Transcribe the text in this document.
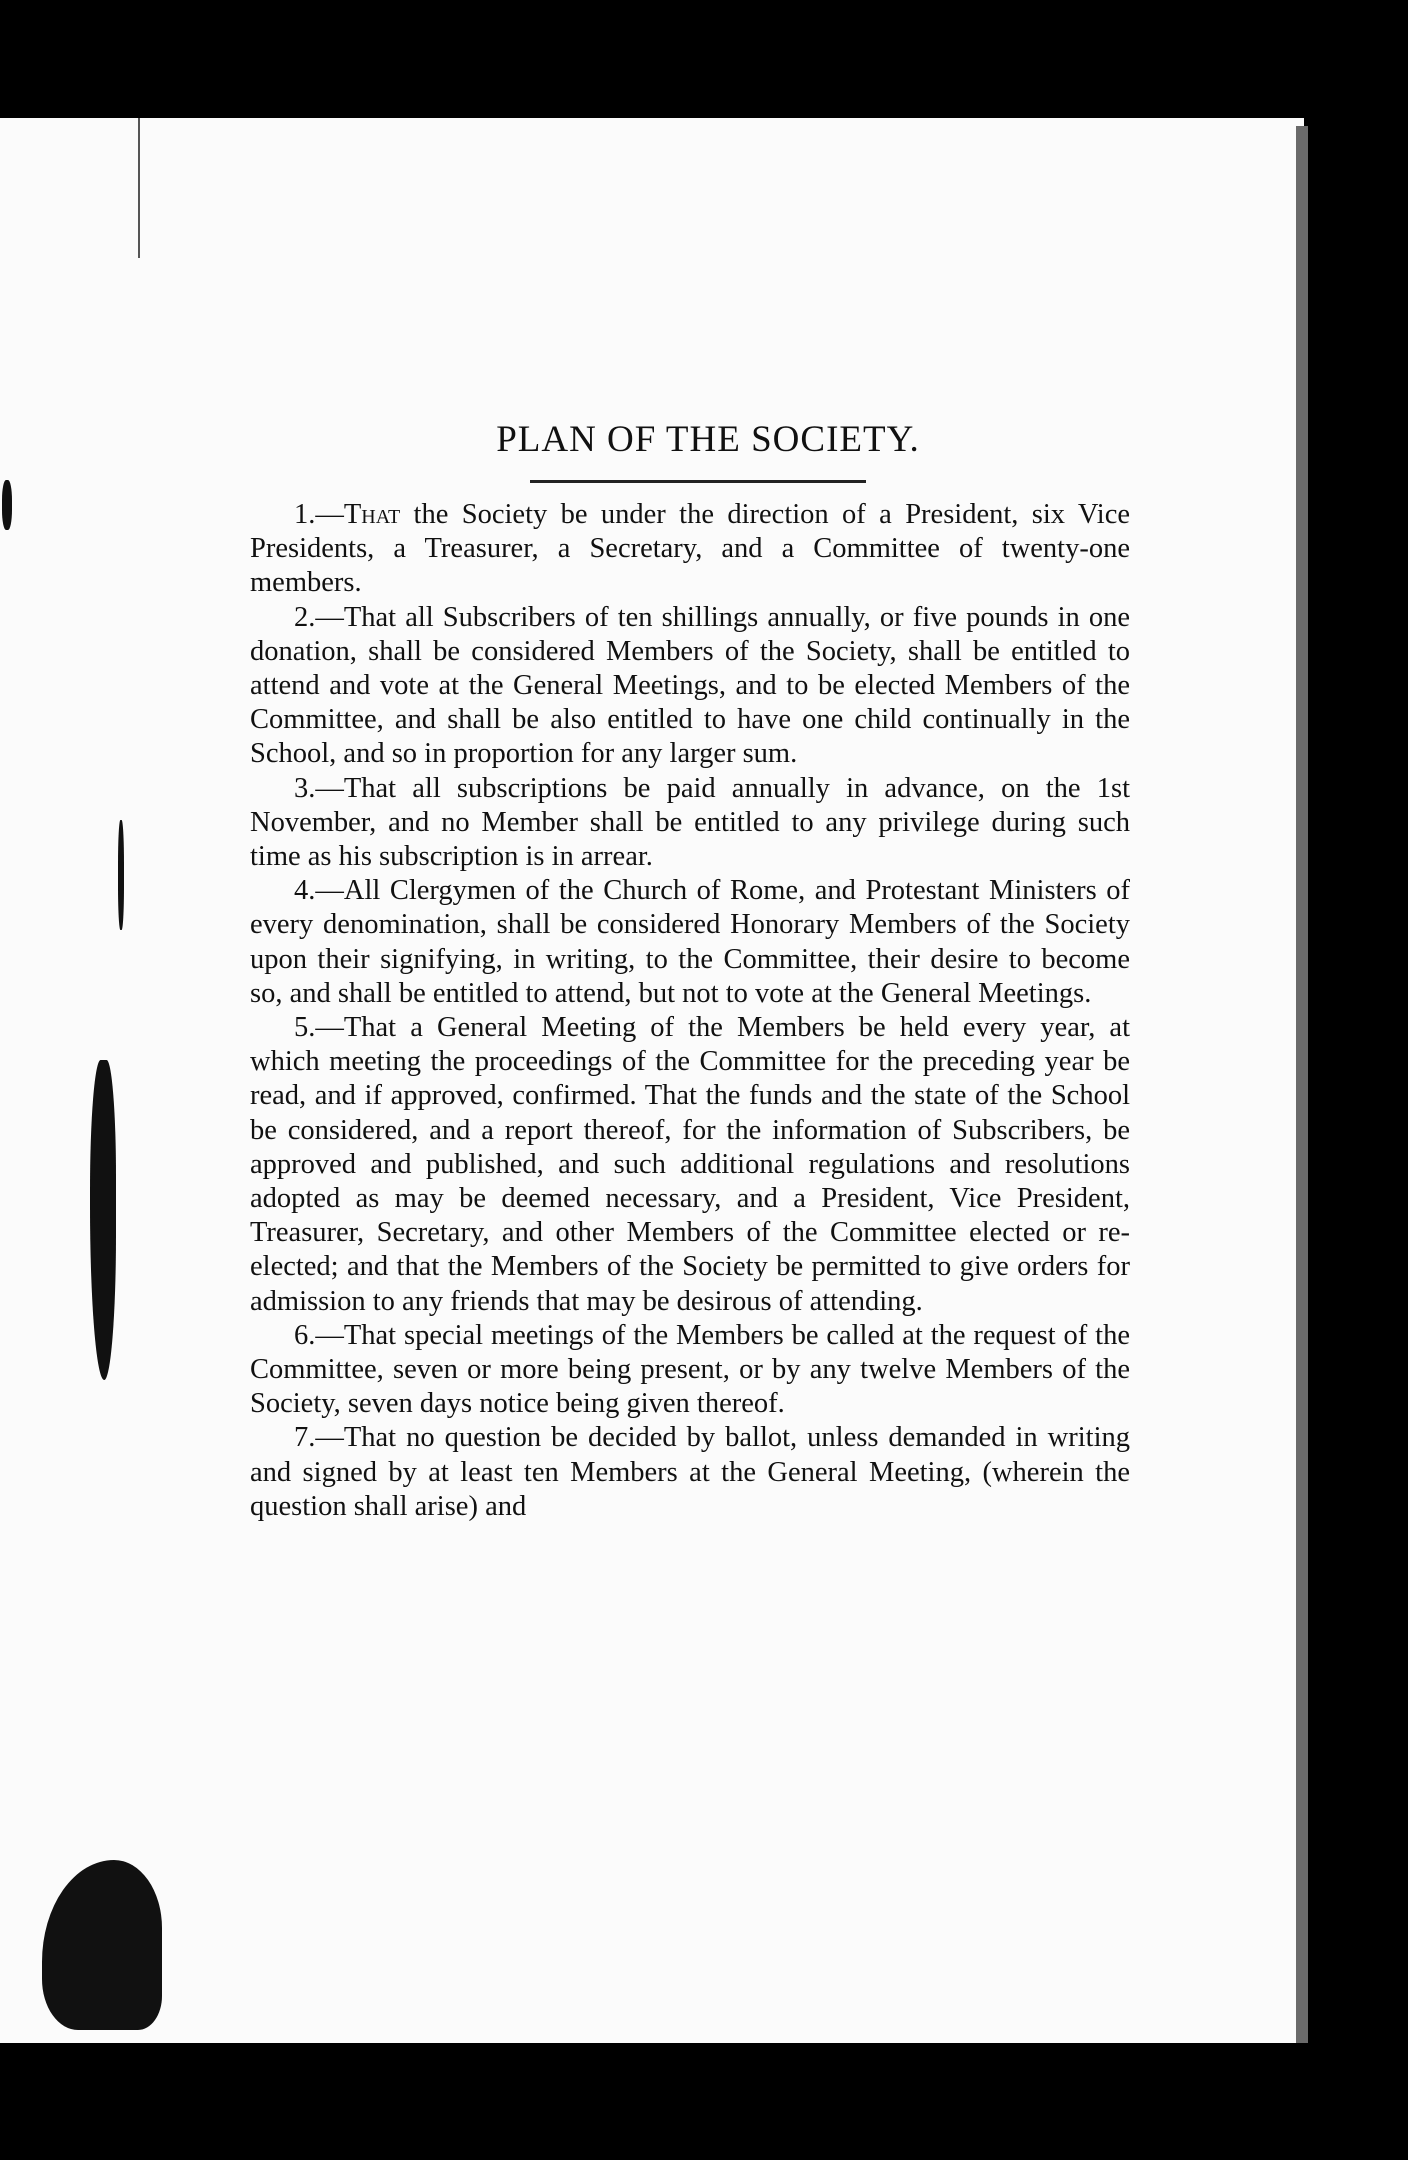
PLAN OF THE SOCIETY.

1.—That the Society be under the direction of a President, six Vice Presidents, a Treasurer, a Secretary, and a Committee of twenty-one members.

2.—That all Subscribers of ten shillings annually, or five pounds in one donation, shall be considered Members of the Society, shall be entitled to attend and vote at the General Meetings, and to be elected Members of the Committee, and shall be also entitled to have one child continually in the School, and so in proportion for any larger sum.

3.—That all subscriptions be paid annually in advance, on the 1st November, and no Member shall be entitled to any privilege during such time as his subscription is in arrear.

4.—All Clergymen of the Church of Rome, and Protestant Ministers of every denomination, shall be considered Honorary Members of the Society upon their signifying, in writing, to the Committee, their desire to become so, and shall be entitled to attend, but not to vote at the General Meetings.

5.—That a General Meeting of the Members be held every year, at which meeting the proceedings of the Committee for the preceding year be read, and if approved, confirmed. That the funds and the state of the School be considered, and a report thereof, for the information of Subscribers, be approved and published, and such additional regulations and resolutions adopted as may be deemed necessary, and a President, Vice President, Treasurer, Secretary, and other Members of the Committee elected or re-elected; and that the Members of the Society be permitted to give orders for admission to any friends that may be desirous of attending.

6.—That special meetings of the Members be called at the request of the Committee, seven or more being present, or by any twelve Members of the Society, seven days notice being given thereof.

7.—That no question be decided by ballot, unless demanded in writing and signed by at least ten Members at the General Meeting, (wherein the question shall arise) and
